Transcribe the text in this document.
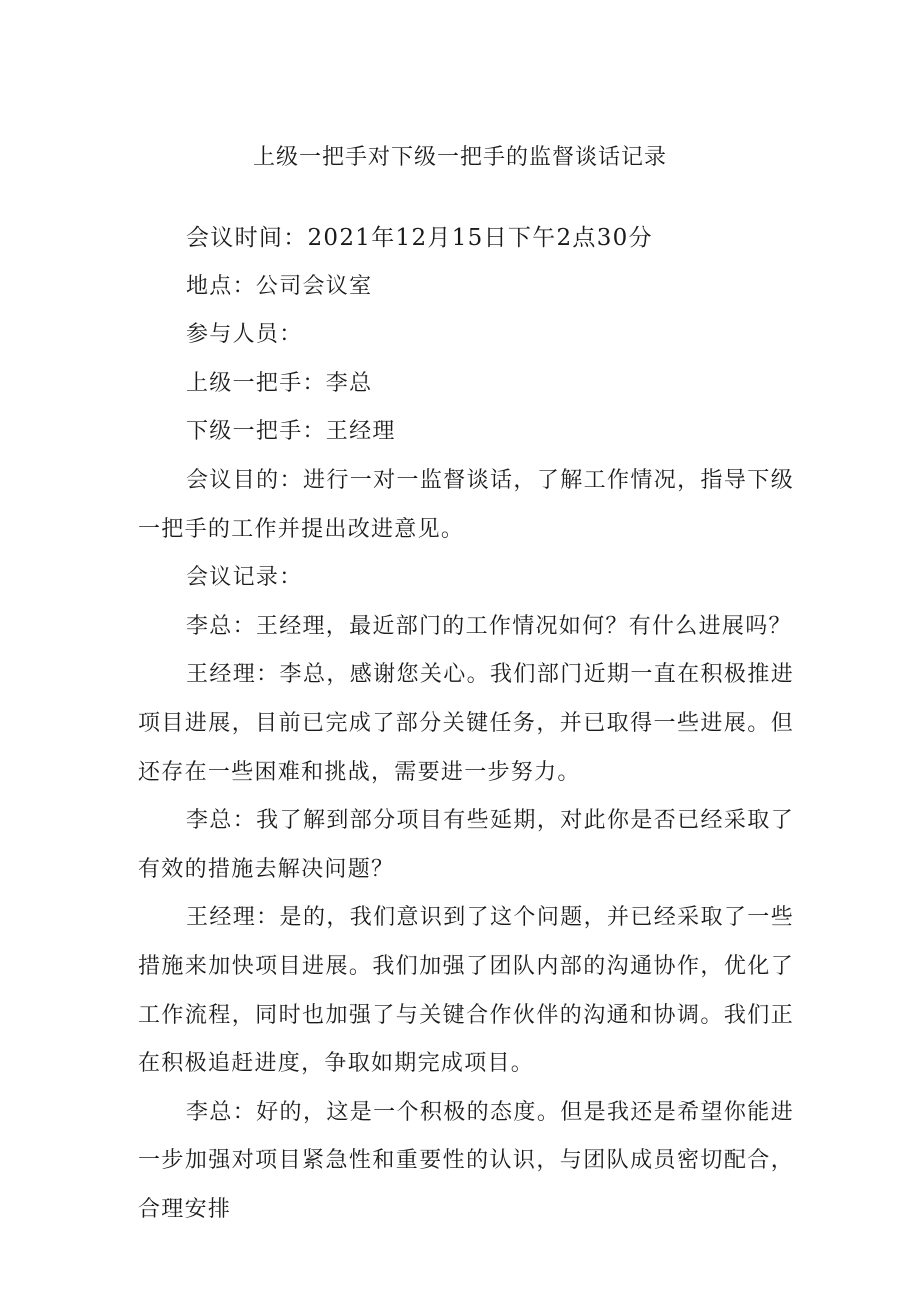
上级一把手对下级一把手的监督谈话记录

会议时间：2021年12月15日下午2点30分

地点：公司会议室

参与人员：

上级一把手：李总

下级一把手：王经理

会议目的：进行一对一监督谈话，了解工作情况，指导下级一把手的工作并提出改进意见。

会议记录：

李总：王经理，最近部门的工作情况如何？有什么进展吗？

王经理：李总，感谢您关心。我们部门近期一直在积极推进项目进展，目前已完成了部分关键任务，并已取得一些进展。但还存在一些困难和挑战，需要进一步努力。

李总：我了解到部分项目有些延期，对此你是否已经采取了有效的措施去解决问题？

王经理：是的，我们意识到了这个问题，并已经采取了一些措施来加快项目进展。我们加强了团队内部的沟通协作，优化了工作流程，同时也加强了与关键合作伙伴的沟通和协调。我们正在积极追赶进度，争取如期完成项目。

李总：好的，这是一个积极的态度。但是我还是希望你能进一步加强对项目紧急性和重要性的认识，与团队成员密切配合，合理安排
